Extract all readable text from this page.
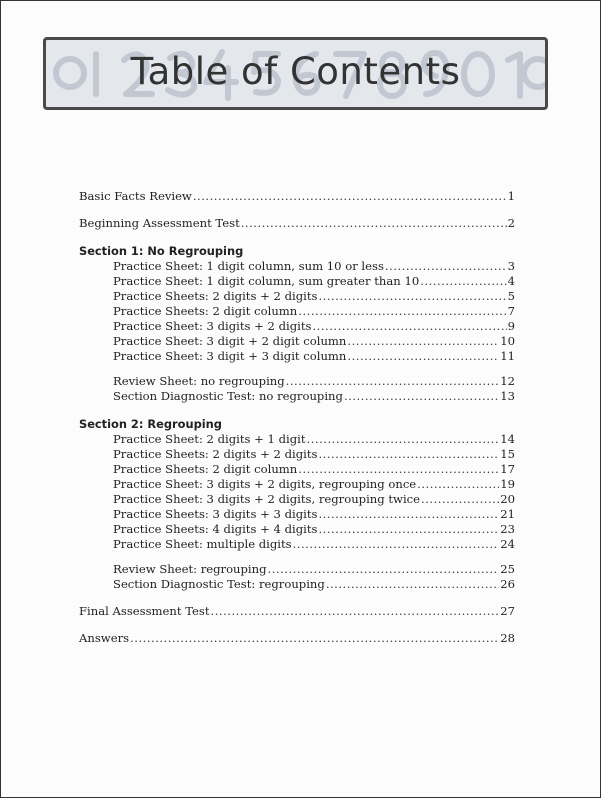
Table of Contents
Basic Facts Review .....	1
Beginning Assessment Test .....	2
Section 1: No Regrouping
Practice Sheet: 1 digit column, sum 10 or less .....	3
Practice Sheet: 1 digit column, sum greater than 10 .....	4
Practice Sheets: 2 digits + 2 digits .....	5
Practice Sheets: 2 digit column .....	7
Practice Sheet: 3 digits + 2 digits .....	9
Practice Sheet: 3 digit + 2 digit column .....	10
Practice Sheet: 3 digit + 3 digit column .....	11
Review Sheet: no regrouping .....	12
Section Diagnostic Test: no regrouping .....	13
Section 2: Regrouping
Practice Sheet: 2 digits + 1 digit .....	14
Practice Sheets: 2 digits + 2 digits .....	15
Practice Sheets: 2 digit column .....	17
Practice Sheet: 3 digits + 2 digits, regrouping once .....	19
Practice Sheet: 3 digits + 2 digits, regrouping twice .....	20
Practice Sheets: 3 digits + 3 digits .....	21
Practice Sheets: 4 digits + 4 digits .....	23
Practice Sheet: multiple digits .....	24
Review Sheet: regrouping .....	25
Section Diagnostic Test: regrouping .....	26
Final Assessment Test .....	27
Answers .....	28
